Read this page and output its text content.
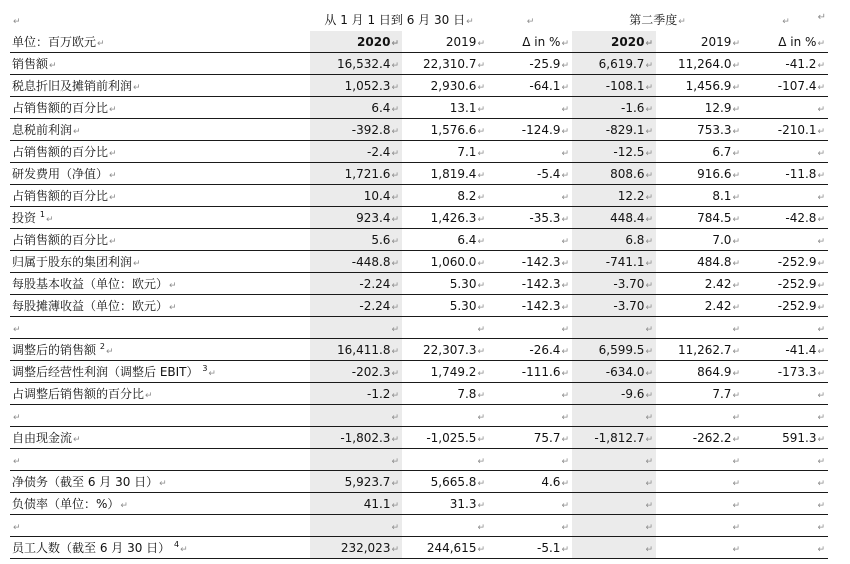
↵
↵	从 1 月 1 日到 6 月 30 日↵		↵	第二季度↵		↵
单位：百万欧元↵	2020↵	2019↵	Δ in %↵	2020↵	2019↵	Δ in %↵
销售额↵	16,532.4↵	22,310.7↵	-25.9↵	6,619.7↵	11,264.0↵	-41.2↵
税息折旧及摊销前利润↵	1,052.3↵	2,930.6↵	-64.1↵	-108.1↵	1,456.9↵	-107.4↵
占销售额的百分比↵	6.4↵	13.1↵	↵	-1.6↵	12.9↵	↵
息税前利润↵	-392.8↵	1,576.6↵	-124.9↵	-829.1↵	753.3↵	-210.1↵
占销售额的百分比↵	-2.4↵	7.1↵	↵	-12.5↵	6.7↵	↵
研发费用（净值）↵	1,721.6↵	1,819.4↵	-5.4↵	808.6↵	916.6↵	-11.8↵
占销售额的百分比↵	10.4↵	8.2↵	↵	12.2↵	8.1↵	↵
投资 $^1$↵	923.4↵	1,426.3↵	-35.3↵	448.4↵	784.5↵	-42.8↵
占销售额的百分比↵	5.6↵	6.4↵	↵	6.8↵	7.0↵	↵
归属于股东的集团利润↵	-448.8↵	1,060.0↵	-142.3↵	-741.1↵	484.8↵	-252.9↵
每股基本收益（单位：欧元）↵	-2.24↵	5.30↵	-142.3↵	-3.70↵	2.42↵	-252.9↵
每股摊薄收益（单位：欧元）↵	-2.24↵	5.30↵	-142.3↵	-3.70↵	2.42↵	-252.9↵
↵	↵	↵	↵	↵	↵	↵
调整后的销售额 $^2$↵	16,411.8↵	22,307.3↵	-26.4↵	6,599.5↵	11,262.7↵	-41.4↵
调整后经营性利润（调整后 EBIT） $^3$↵	-202.3↵	1,749.2↵	-111.6↵	-634.0↵	864.9↵	-173.3↵
占调整后销售额的百分比↵	-1.2↵	7.8↵	↵	-9.6↵	7.7↵	↵
↵	↵	↵	↵	↵	↵	↵
自由现金流↵	-1,802.3↵	-1,025.5↵	75.7↵	-1,812.7↵	-262.2↵	591.3↵
↵	↵	↵	↵	↵	↵	↵
净债务（截至 6 月 30 日）↵	5,923.7↵	5,665.8↵	4.6↵	↵	↵	↵
负债率（单位：%）↵	41.1↵	31.3↵	↵	↵	↵	↵
↵	↵	↵	↵	↵	↵	↵
员工人数（截至 6 月 30 日） $^4$↵	232,023↵	244,615↵	-5.1↵	↵	↵	↵
